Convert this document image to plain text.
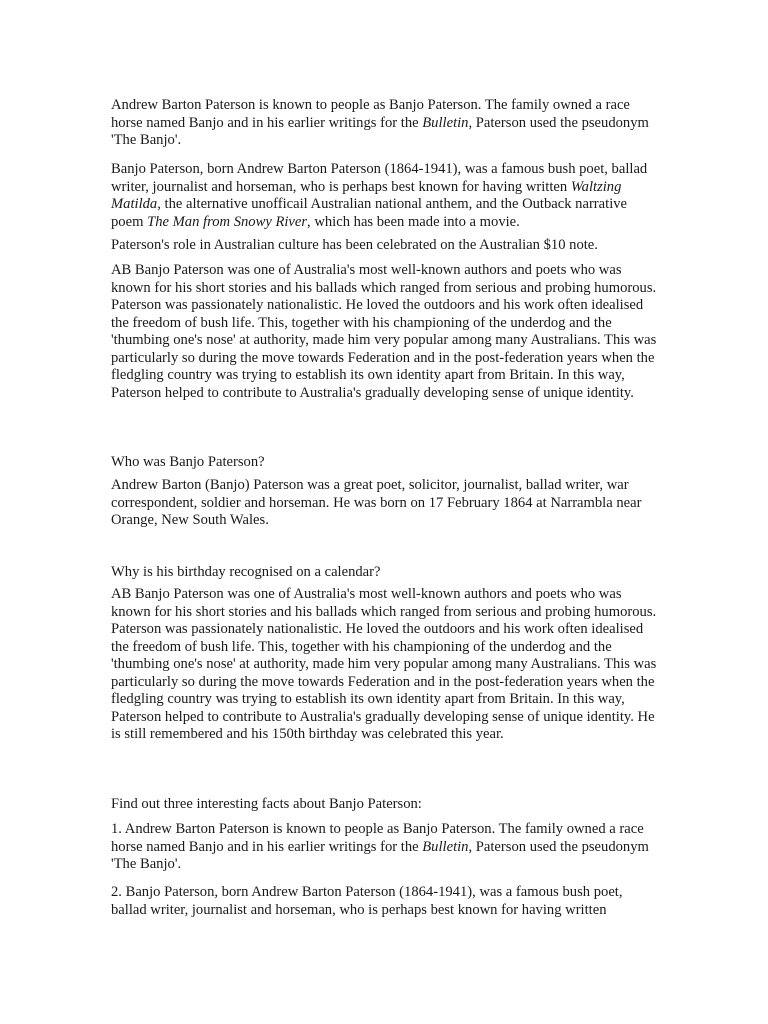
Andrew Barton Paterson is known to people as Banjo Paterson. The family owned a race horse named Banjo and in his earlier writings for the Bulletin, Paterson used the pseudonym 'The Banjo'.
Banjo Paterson, born Andrew Barton Paterson (1864-1941), was a famous bush poet, ballad writer, journalist and horseman, who is perhaps best known for having written Waltzing Matilda, the alternative unofficail Australian national anthem, and the Outback narrative poem The Man from Snowy River, which has been made into a movie.
Paterson's role in Australian culture has been celebrated on the Australian $10 note.
AB Banjo Paterson was one of Australia's most well-known authors and poets who was known for his short stories and his ballads which ranged from serious and probing humorous. Paterson was passionately nationalistic. He loved the outdoors and his work often idealised the freedom of bush life. This, together with his championing of the underdog and the 'thumbing one's nose' at authority, made him very popular among many Australians. This was particularly so during the move towards Federation and in the post-federation years when the fledgling country was trying to establish its own identity apart from Britain. In this way, Paterson helped to contribute to Australia's gradually developing sense of unique identity.
Who was Banjo Paterson?
Andrew Barton (Banjo) Paterson was a great poet, solicitor, journalist, ballad writer, war correspondent, soldier and horseman. He was born on 17 February 1864 at Narrambla near Orange, New South Wales.
Why is his birthday recognised on a calendar?
AB Banjo Paterson was one of Australia's most well-known authors and poets who was known for his short stories and his ballads which ranged from serious and probing humorous. Paterson was passionately nationalistic. He loved the outdoors and his work often idealised the freedom of bush life. This, together with his championing of the underdog and the 'thumbing one's nose' at authority, made him very popular among many Australians. This was particularly so during the move towards Federation and in the post-federation years when the fledgling country was trying to establish its own identity apart from Britain. In this way, Paterson helped to contribute to Australia's gradually developing sense of unique identity. He is still remembered and his 150th birthday was celebrated this year.
Find out three interesting facts about Banjo Paterson:
1. Andrew Barton Paterson is known to people as Banjo Paterson. The family owned a race horse named Banjo and in his earlier writings for the Bulletin, Paterson used the pseudonym 'The Banjo'.
2. Banjo Paterson, born Andrew Barton Paterson (1864-1941), was a famous bush poet, ballad writer, journalist and horseman, who is perhaps best known for having written
